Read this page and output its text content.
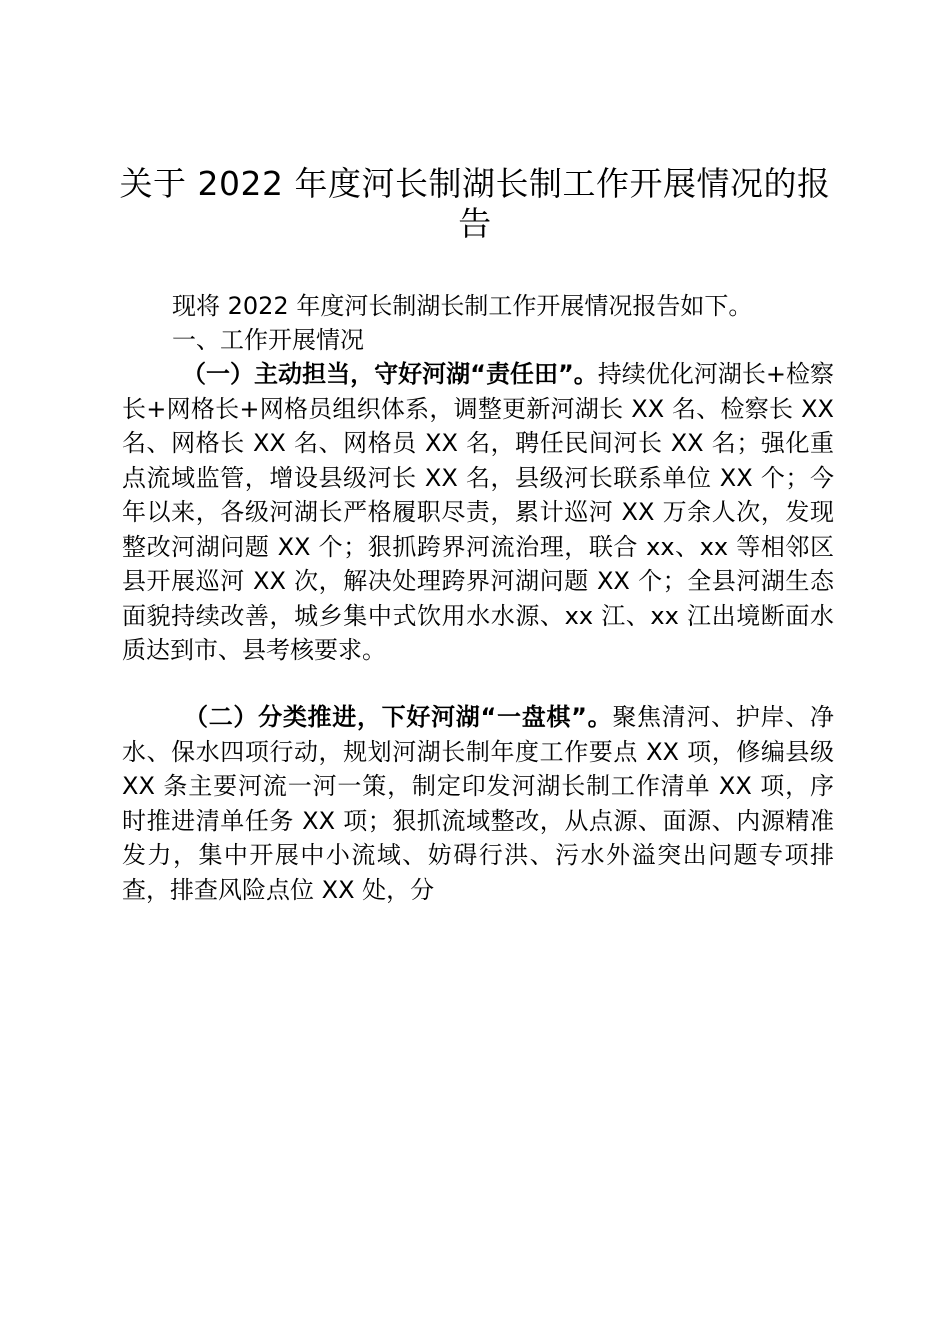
关于 2022 年度河长制湖长制工作开展情况的报告
现将 2022 年度河长制湖长制工作开展情况报告如下。
一、工作开展情况
（一）主动担当，守好河湖“责任田”。持续优化河湖长+检察长+网格长+网格员组织体系，调整更新河湖长 XX 名、检察长 XX 名、网格长 XX 名、网格员 XX 名，聘任民间河长 XX 名；强化重点流域监管，增设县级河长 XX 名，县级河长联系单位 XX 个；今年以来，各级河湖长严格履职尽责，累计巡河 XX 万余人次，发现整改河湖问题 XX 个；狠抓跨界河流治理，联合 xx、xx 等相邻区县开展巡河 XX 次，解决处理跨界河湖问题 XX 个；全县河湖生态面貌持续改善，城乡集中式饮用水水源、xx 江、xx 江出境断面水质达到市、县考核要求。
（二）分类推进，下好河湖“一盘棋”。聚焦清河、护岸、净水、保水四项行动，规划河湖长制年度工作要点 XX 项，修编县级 XX 条主要河流一河一策，制定印发河湖长制工作清单 XX 项，序时推进清单任务 XX 项；狠抓流域整改，从点源、面源、内源精准发力，集中开展中小流域、妨碍行洪、污水外溢突出问题专项排查，排查风险点位 XX 处，分
